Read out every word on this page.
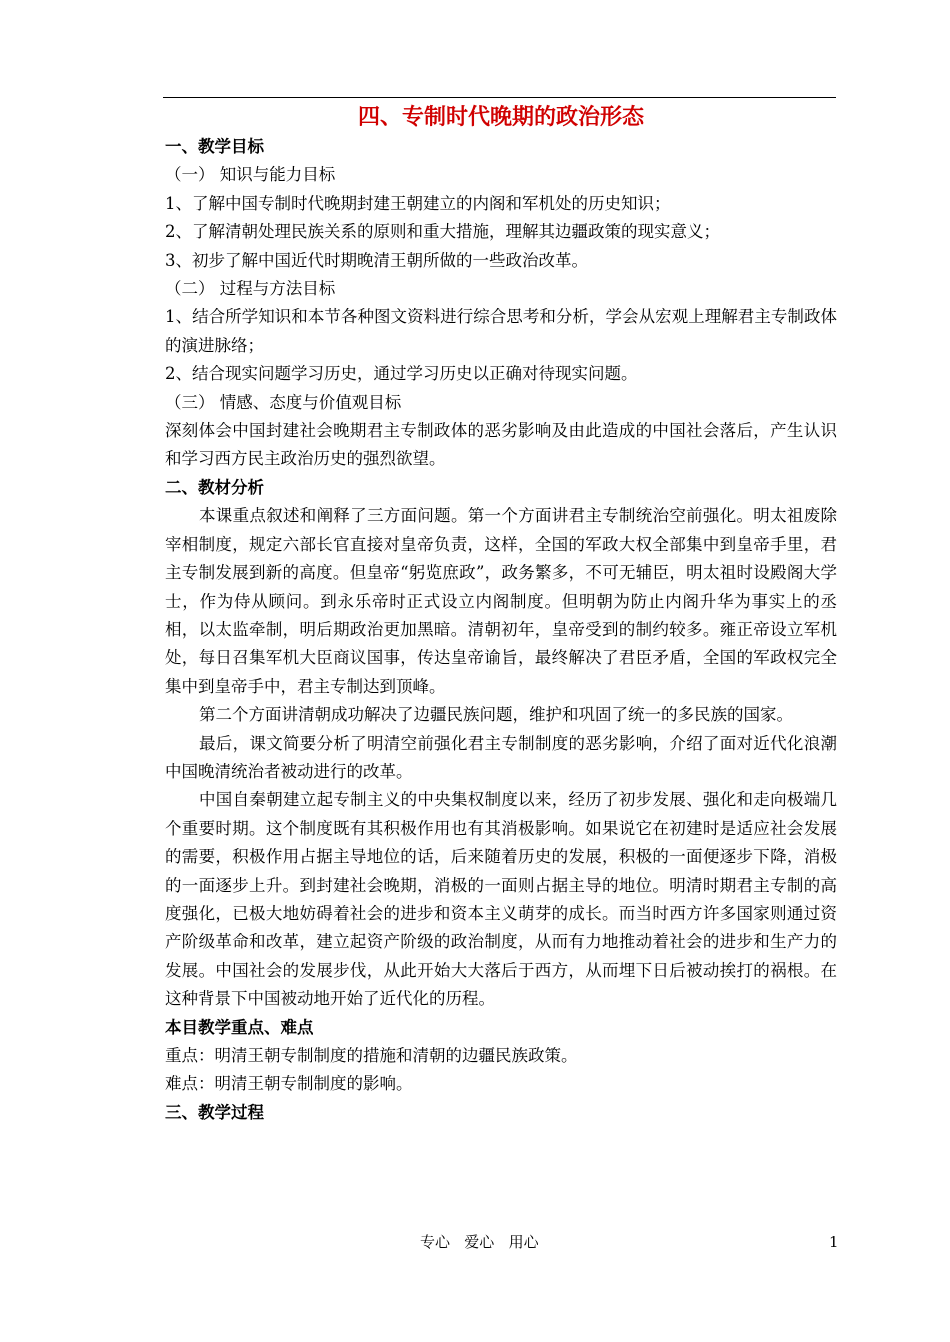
四、专制时代晚期的政治形态

一、教学目标

（一） 知识与能力目标

1、了解中国专制时代晚期封建王朝建立的内阁和军机处的历史知识；

2、了解清朝处理民族关系的原则和重大措施，理解其边疆政策的现实意义；

3、初步了解中国近代时期晚清王朝所做的一些政治改革。

（二） 过程与方法目标

1、结合所学知识和本节各种图文资料进行综合思考和分析，学会从宏观上理解君主专制政体的演进脉络；

2、结合现实问题学习历史，通过学习历史以正确对待现实问题。

（三） 情感、态度与价值观目标

深刻体会中国封建社会晚期君主专制政体的恶劣影响及由此造成的中国社会落后，产生认识和学习西方民主政治历史的强烈欲望。

二、教材分析

本课重点叙述和阐释了三方面问题。第一个方面讲君主专制统治空前强化。明太祖废除宰相制度，规定六部长官直接对皇帝负责，这样，全国的军政大权全部集中到皇帝手里，君主专制发展到新的高度。但皇帝“躬览庶政”，政务繁多，不可无辅臣，明太祖时设殿阁大学士，作为侍从顾问。到永乐帝时正式设立内阁制度。但明朝为防止内阁升华为事实上的丞相，以太监牵制，明后期政治更加黑暗。清朝初年，皇帝受到的制约较多。雍正帝设立军机处，每日召集军机大臣商议国事，传达皇帝谕旨，最终解决了君臣矛盾，全国的军政权完全集中到皇帝手中，君主专制达到顶峰。

第二个方面讲清朝成功解决了边疆民族问题，维护和巩固了统一的多民族的国家。

最后，课文简要分析了明清空前强化君主专制制度的恶劣影响，介绍了面对近代化浪潮中国晚清统治者被动进行的改革。

中国自秦朝建立起专制主义的中央集权制度以来，经历了初步发展、强化和走向极端几个重要时期。这个制度既有其积极作用也有其消极影响。如果说它在初建时是适应社会发展的需要，积极作用占据主导地位的话，后来随着历史的发展，积极的一面便逐步下降，消极的一面逐步上升。到封建社会晚期，消极的一面则占据主导的地位。明清时期君主专制的高度强化，已极大地妨碍着社会的进步和资本主义萌芽的成长。而当时西方许多国家则通过资产阶级革命和改革，建立起资产阶级的政治制度，从而有力地推动着社会的进步和生产力的发展。中国社会的发展步伐，从此开始大大落后于西方，从而埋下日后被动挨打的祸根。在这种背景下中国被动地开始了近代化的历程。

本目教学重点、难点

重点：明清王朝专制制度的措施和清朝的边疆民族政策。

难点：明清王朝专制制度的影响。

三、教学过程

专心   爱心   用心	1
